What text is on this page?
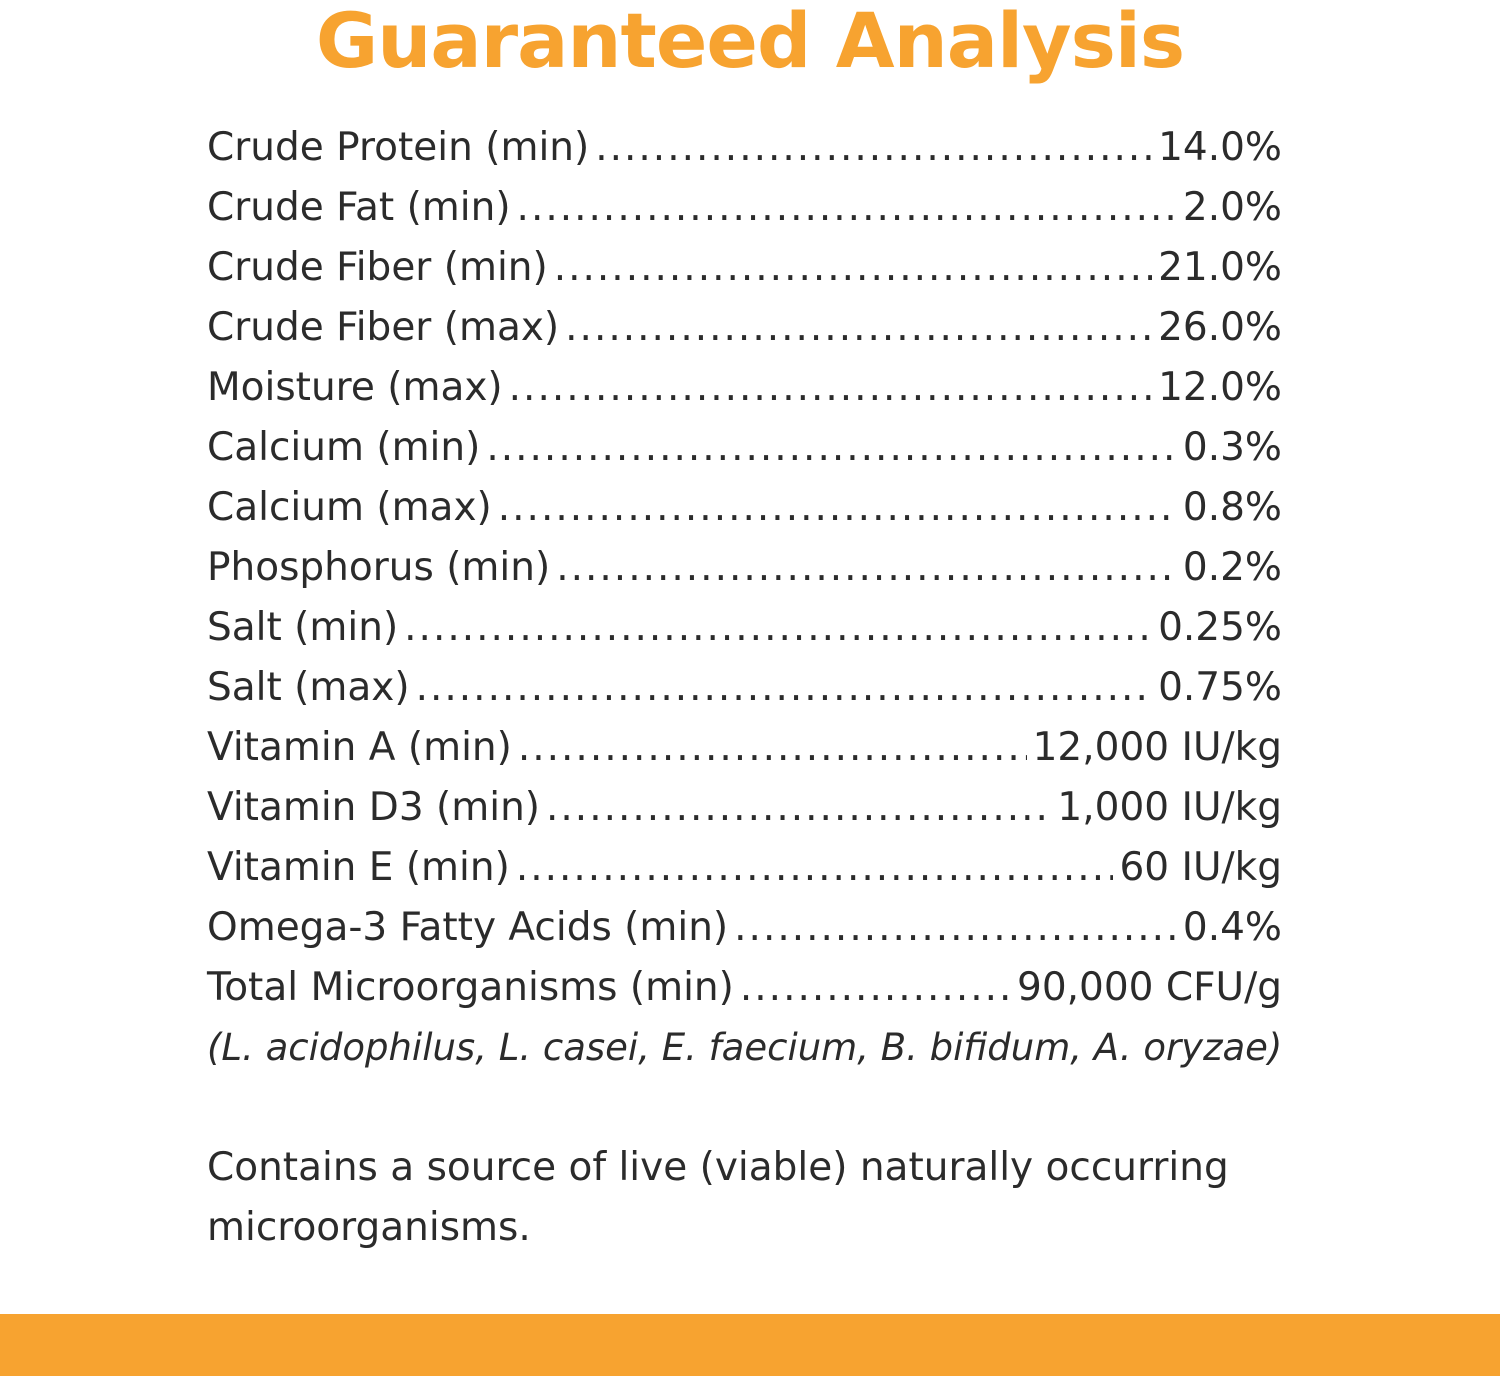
Guaranteed Analysis
Crude Protein (min) .....	14.0%
Crude Fat (min) .....	2.0%
Crude Fiber (min) .....	21.0%
Crude Fiber (max) .....	26.0%
Moisture (max) .....	12.0%
Calcium (min) .....	0.3%
Calcium (max) .....	0.8%
Phosphorus (min) .....	0.2%
Salt (min) .....	0.25%
Salt (max) .....	0.75%
Vitamin A (min) .....	12,000 IU/kg
Vitamin D3 (min) .....	1,000 IU/kg
Vitamin E (min) .....	60 IU/kg
Omega-3 Fatty Acids (min) .....	0.4%
Total Microorganisms (min) .....	90,000 CFU/g
(L. acidophilus, L. casei, E. faecium, B. bifidum, A. oryzae)

Contains a source of live (viable) naturally occurring microorganisms.
